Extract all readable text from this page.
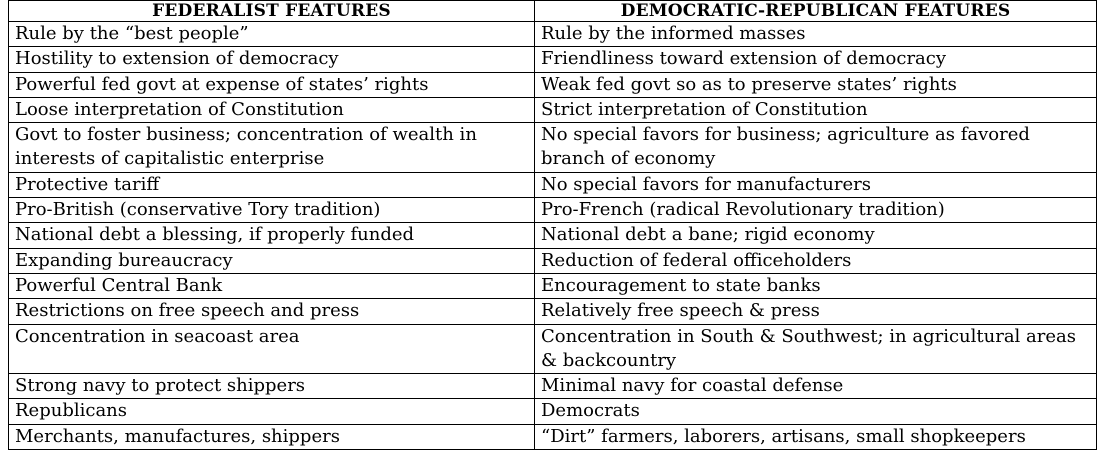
FEDERALIST FEATURES	DEMOCRATIC-REPUBLICAN FEATURES

Rule by the “best people”	Rule by the informed masses

Hostility to extension of democracy	Friendliness toward extension of democracy

Powerful fed govt at expense of states’ rights	Weak fed govt so as to preserve states’ rights

Loose interpretation of Constitution	Strict interpretation of Constitution

Govt to foster business; concentration of wealth in interests of capitalistic enterprise	No special favors for business; agriculture as favored branch of economy

Protective tariff	No special favors for manufacturers

Pro-British (conservative Tory tradition)	Pro-French (radical Revolutionary tradition)

National debt a blessing, if properly funded	National debt a bane; rigid economy

Expanding bureaucracy	Reduction of federal officeholders

Powerful Central Bank	Encouragement to state banks

Restrictions on free speech and press	Relatively free speech & press

Concentration in seacoast area	Concentration in South & Southwest; in agricultural areas & backcountry

Strong navy to protect shippers	Minimal navy for coastal defense

Republicans	Democrats

Merchants, manufactures, shippers	“Dirt” farmers, laborers, artisans, small shopkeepers
